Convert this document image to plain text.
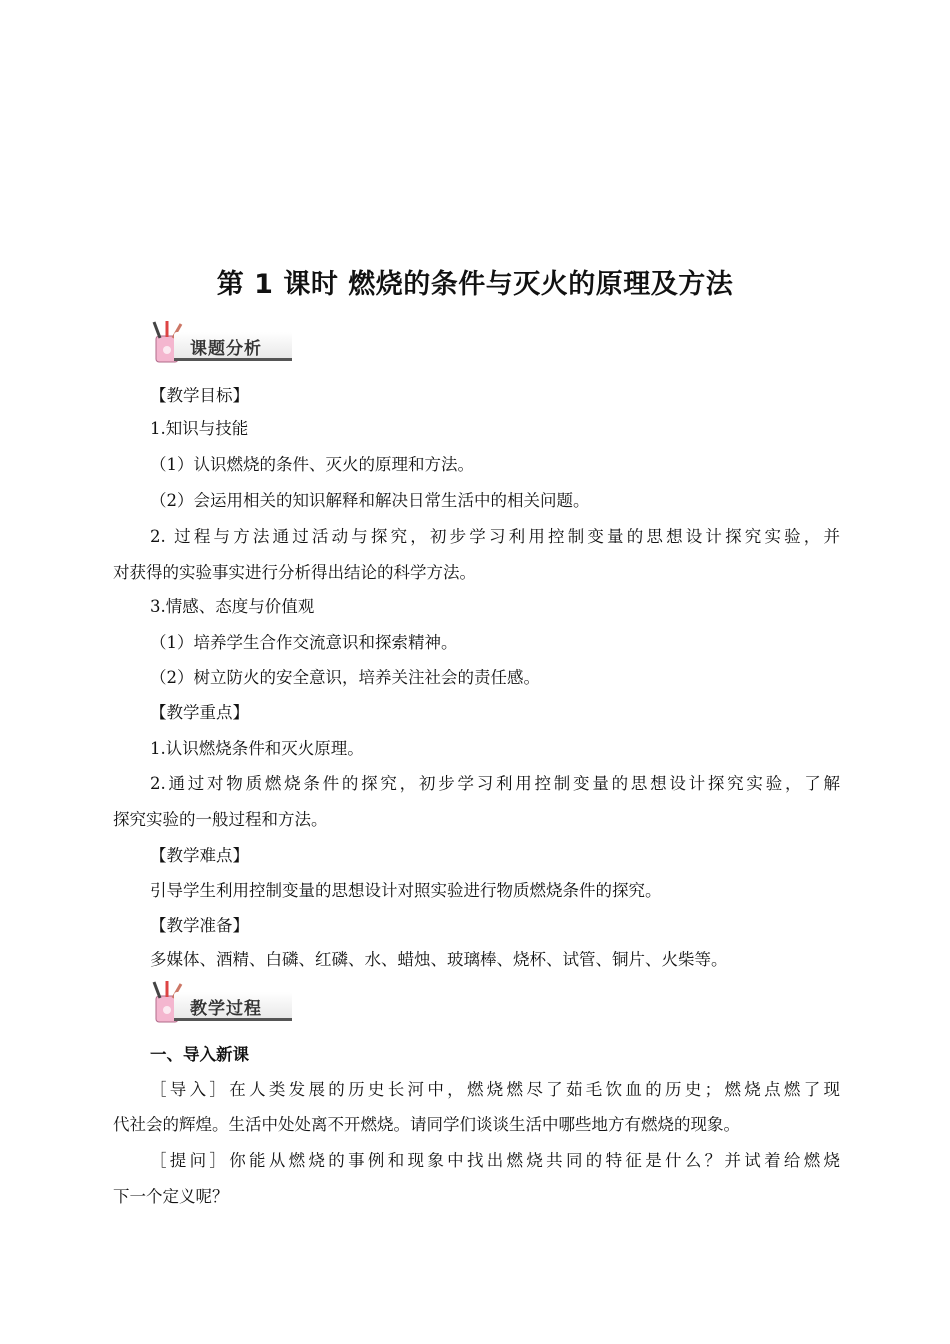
第 1 课时 燃烧的条件与灭火的原理及方法
课题分析
【教学目标】
1.知识与技能
（1）认识燃烧的条件、灭火的原理和方法。
（2）会运用相关的知识解释和解决日常生活中的相关问题。
2. 过程与方法通过活动与探究，初步学习利用控制变量的思想设计探究实验，并
对获得的实验事实进行分析得出结论的科学方法。
3.情感、态度与价值观
（1）培养学生合作交流意识和探索精神。
（2）树立防火的安全意识，培养关注社会的责任感。
【教学重点】
1.认识燃烧条件和灭火原理。
2.通过对物质燃烧条件的探究，初步学习利用控制变量的思想设计探究实验，了解
探究实验的一般过程和方法。
【教学难点】
引导学生利用控制变量的思想设计对照实验进行物质燃烧条件的探究。
【教学准备】
多媒体、酒精、白磷、红磷、水、蜡烛、玻璃棒、烧杯、试管、铜片、火柴等。
教学过程
一、导入新课
［导入］在人类发展的历史长河中，燃烧燃尽了茹毛饮血的历史；燃烧点燃了现
代社会的辉煌。生活中处处离不开燃烧。请同学们谈谈生活中哪些地方有燃烧的现象。
［提问］你能从燃烧的事例和现象中找出燃烧共同的特征是什么？并试着给燃烧
下一个定义呢？
